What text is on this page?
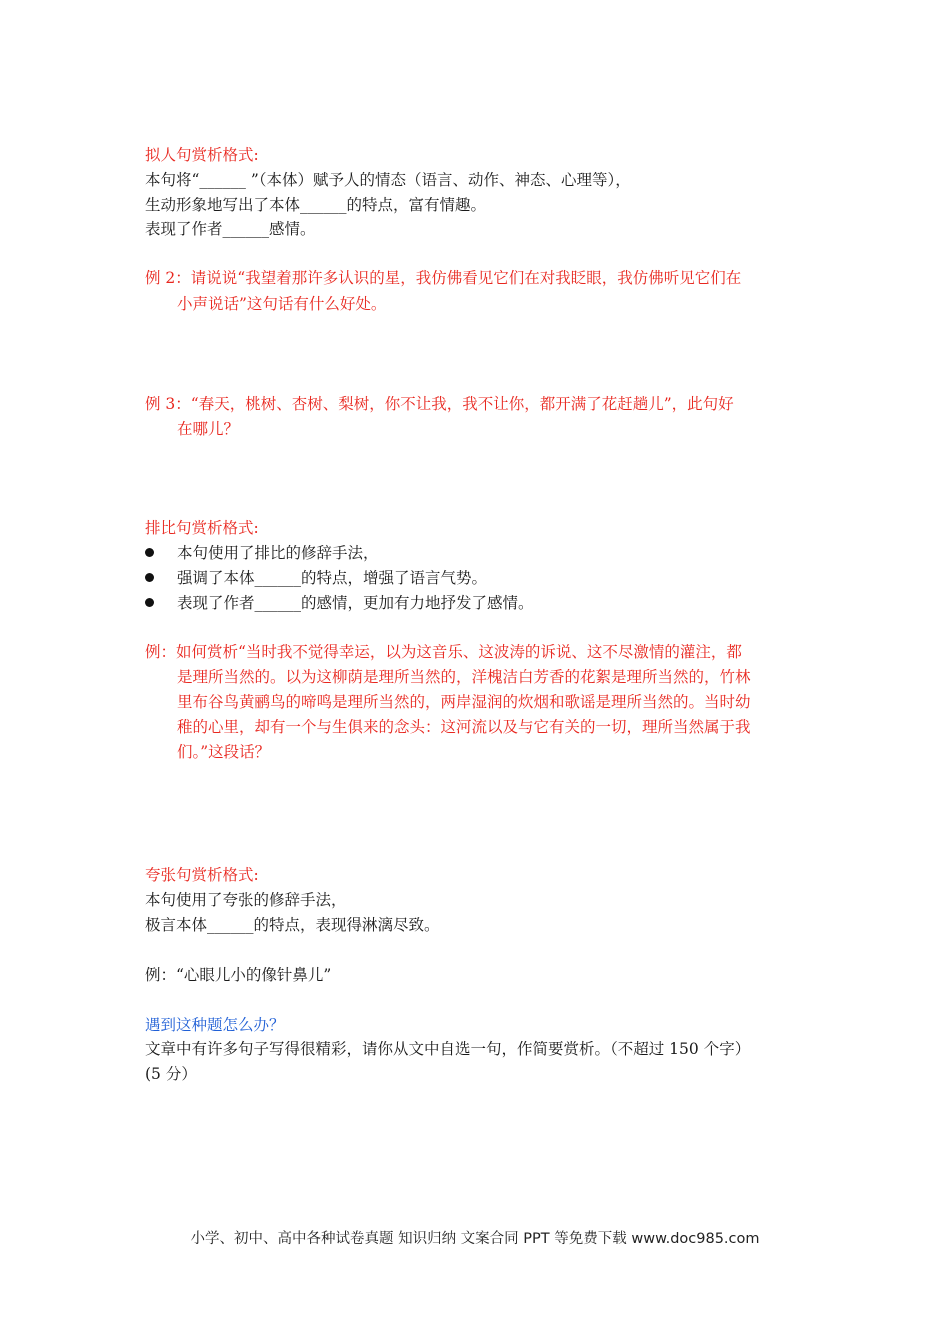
拟人句赏析格式:
本句将“______ ”（本体）赋予人的情态（语言、动作、神态、心理等），
生动形象地写出了本体______的特点，富有情趣。
表现了作者______感情。
例 2：请说说“我望着那许多认识的星，我仿佛看见它们在对我眨眼，我仿佛听见它们在
小声说话”这句话有什么好处。
例 3：“春天，桃树、杏树、梨树，你不让我，我不让你，都开满了花赶趟儿”，此句好
在哪儿？
排比句赏析格式:
本句使用了排比的修辞手法，
强调了本体______的特点，增强了语言气势。
表现了作者______的感情，更加有力地抒发了感情。
例：如何赏析“当时我不觉得幸运，以为这音乐、这波涛的诉说、这不尽激情的灌注，都
是理所当然的。以为这柳荫是理所当然的，洋槐洁白芳香的花絮是理所当然的，竹林
里布谷鸟黄鹂鸟的啼鸣是理所当然的，两岸湿润的炊烟和歌谣是理所当然的。当时幼
稚的心里，却有一个与生俱来的念头：这河流以及与它有关的一切，理所当然属于我
们。”这段话？
夸张句赏析格式:
本句使用了夸张的修辞手法，
极言本体______的特点，表现得淋漓尽致。
例：“心眼儿小的像针鼻儿”
遇到这种题怎么办？
文章中有许多句子写得很精彩，请你从文中自选一句，作简要赏析。（不超过 150 个字）
(5 分）
小学、初中、高中各种试卷真题 知识归纳 文案合同 PPT 等免费下载 www.doc985.com
